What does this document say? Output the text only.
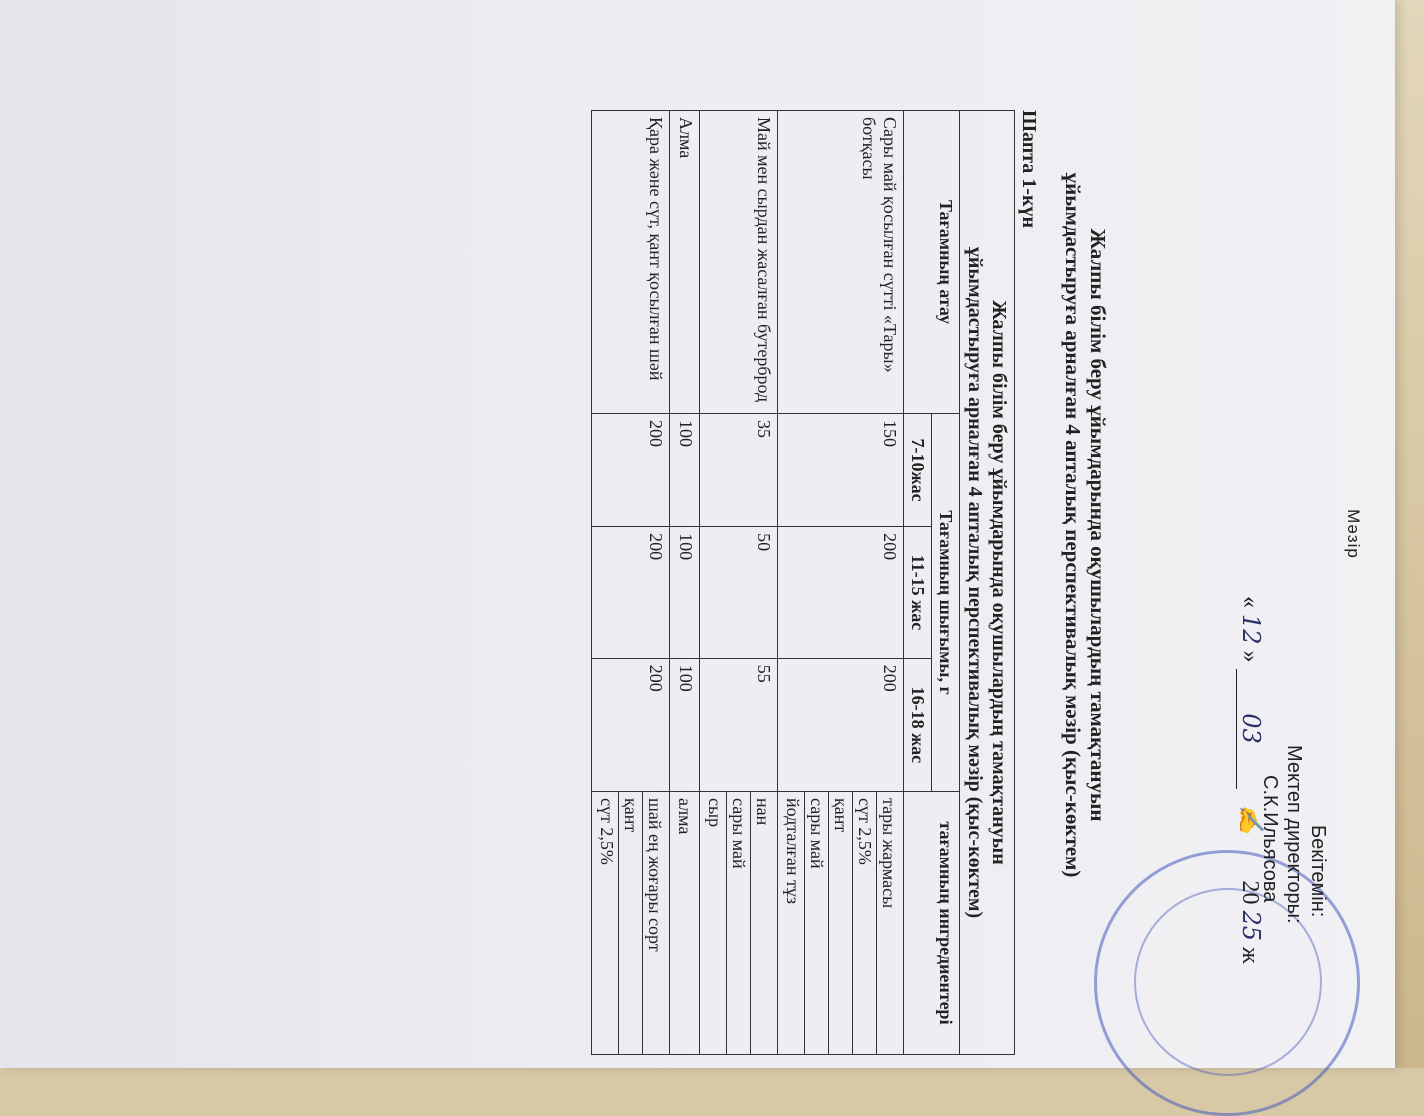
Мәзір
Бекітемін:
Мектеп директоры:
С.К.Ильясова
« 12 » 03 ✍ 20 25 ж
Жалпы білім беру ұйымдарында оқушылардың тамақтануын
ұйымдастыруға арналған 4 апталық перспективалық мәзір (қыс-көктем)
Шапта 1-күн
Жалпы білім беру ұйымдарында оқушылардың тамақтануын
ұйымдастыруға арналған 4 апталық перспективалық мәзір (қыс-көктем)				

Тағамның атау	Тағамның шығымы, г			тағамның ингредиентері
	7-10жас	11-15 жас	16-18 жас	
Сары май қосылған сүтті «Тары» ботқасы	150	200	200	тары жармасы
сүт 2,5%
қант
сары май
йодталған тұз

Май мен сырдан жасалған бутерброд	35	50	55	нан
сары май
сыр

Алма	100	100	100	алма

Қара және сүт, қант қосылған шәй	200	200	200	шай ең жоғары сорт
қант
сүт 2,5%
